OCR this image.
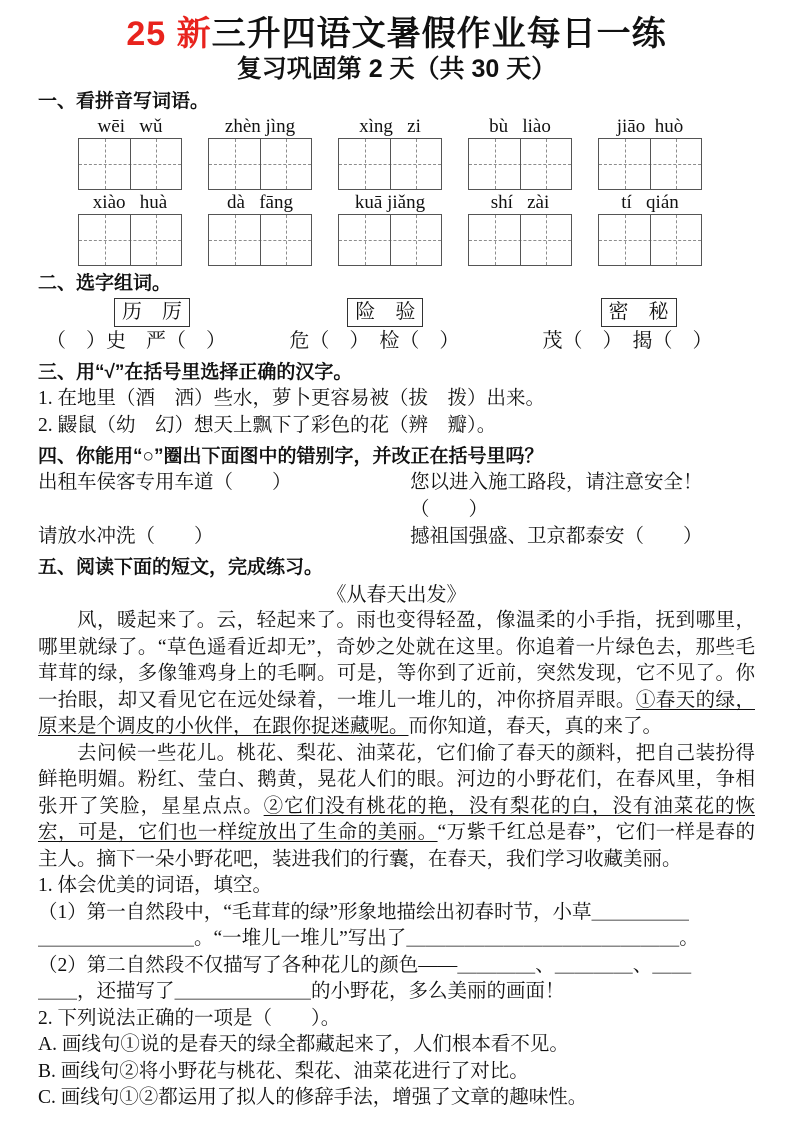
25 新三升四语文暑假作业每日一练
复习巩固第 2 天（共 30 天）
一、看拼音写词语。
wēi   wǔ	zhèn jìng	xìng   zi	bù   liào	jiāo  huò
xiào   huà	dà   fāng	kuā jiǎng	shí   zài	tí   qián
二、选字组词。
历　厉
（　）史　严（　）
险　验
危（　）　检（　）
密　秘
茂（　）　揭（　）
三、用“√”在括号里选择正确的汉字。
1. 在地里（酒　洒）些水，萝卜更容易被（拔　拨）出来。
2. 鼹鼠（幼　幻）想天上飘下了彩色的花（辨　瓣）。
四、你能用“○”圈出下面图中的错别字，并改正在括号里吗？
出租车侯客专用车道（　　）	您以进入施工路段，请注意安全！（　　）
请放水冲洗（　　）	撼祖国强盛、卫京都泰安（　　）
五、阅读下面的短文，完成练习。
《从春天出发》

风，暖起来了。云，轻起来了。雨也变得轻盈，像温柔的小手指，抚到哪里，哪里就绿了。“草色遥看近却无”，奇妙之处就在这里。你追着一片绿色去，那些毛茸茸的绿，多像雏鸡身上的毛啊。可是，等你到了近前，突然发现，它不见了。你一抬眼，却又看见它在远处绿着，一堆儿一堆儿的，冲你挤眉弄眼。①春天的绿，原来是个调皮的小伙伴，在跟你捉迷藏呢。而你知道，春天，真的来了。

去问候一些花儿。桃花、梨花、油菜花，它们偷了春天的颜料，把自己装扮得鲜艳明媚。粉红、莹白、鹅黄，晃花人们的眼。河边的小野花们，在春风里，争相张开了笑脸，星星点点。②它们没有桃花的艳，没有梨花的白，没有油菜花的恢宏，可是，它们也一样绽放出了生命的美丽。“万紫千红总是春”，它们一样是春的主人。摘下一朵小野花吧，装进我们的行囊，在春天，我们学习收藏美丽。

1. 体会优美的词语，填空。
（1）第一自然段中，“毛茸茸的绿”形象地描绘出初春时节，小草＿＿＿＿＿
＿＿＿＿＿＿＿＿。“一堆儿一堆儿”写出了＿＿＿＿＿＿＿＿＿＿＿＿＿＿。
（2）第二自然段不仅描写了各种花儿的颜色——＿＿＿＿、＿＿＿＿、＿＿
＿＿，还描写了＿＿＿＿＿＿＿的小野花，多么美丽的画面！
2. 下列说法正确的一项是（　　）。
A. 画线句①说的是春天的绿全都藏起来了，人们根本看不见。
B. 画线句②将小野花与桃花、梨花、油菜花进行了对比。
C. 画线句①②都运用了拟人的修辞手法，增强了文章的趣味性。
